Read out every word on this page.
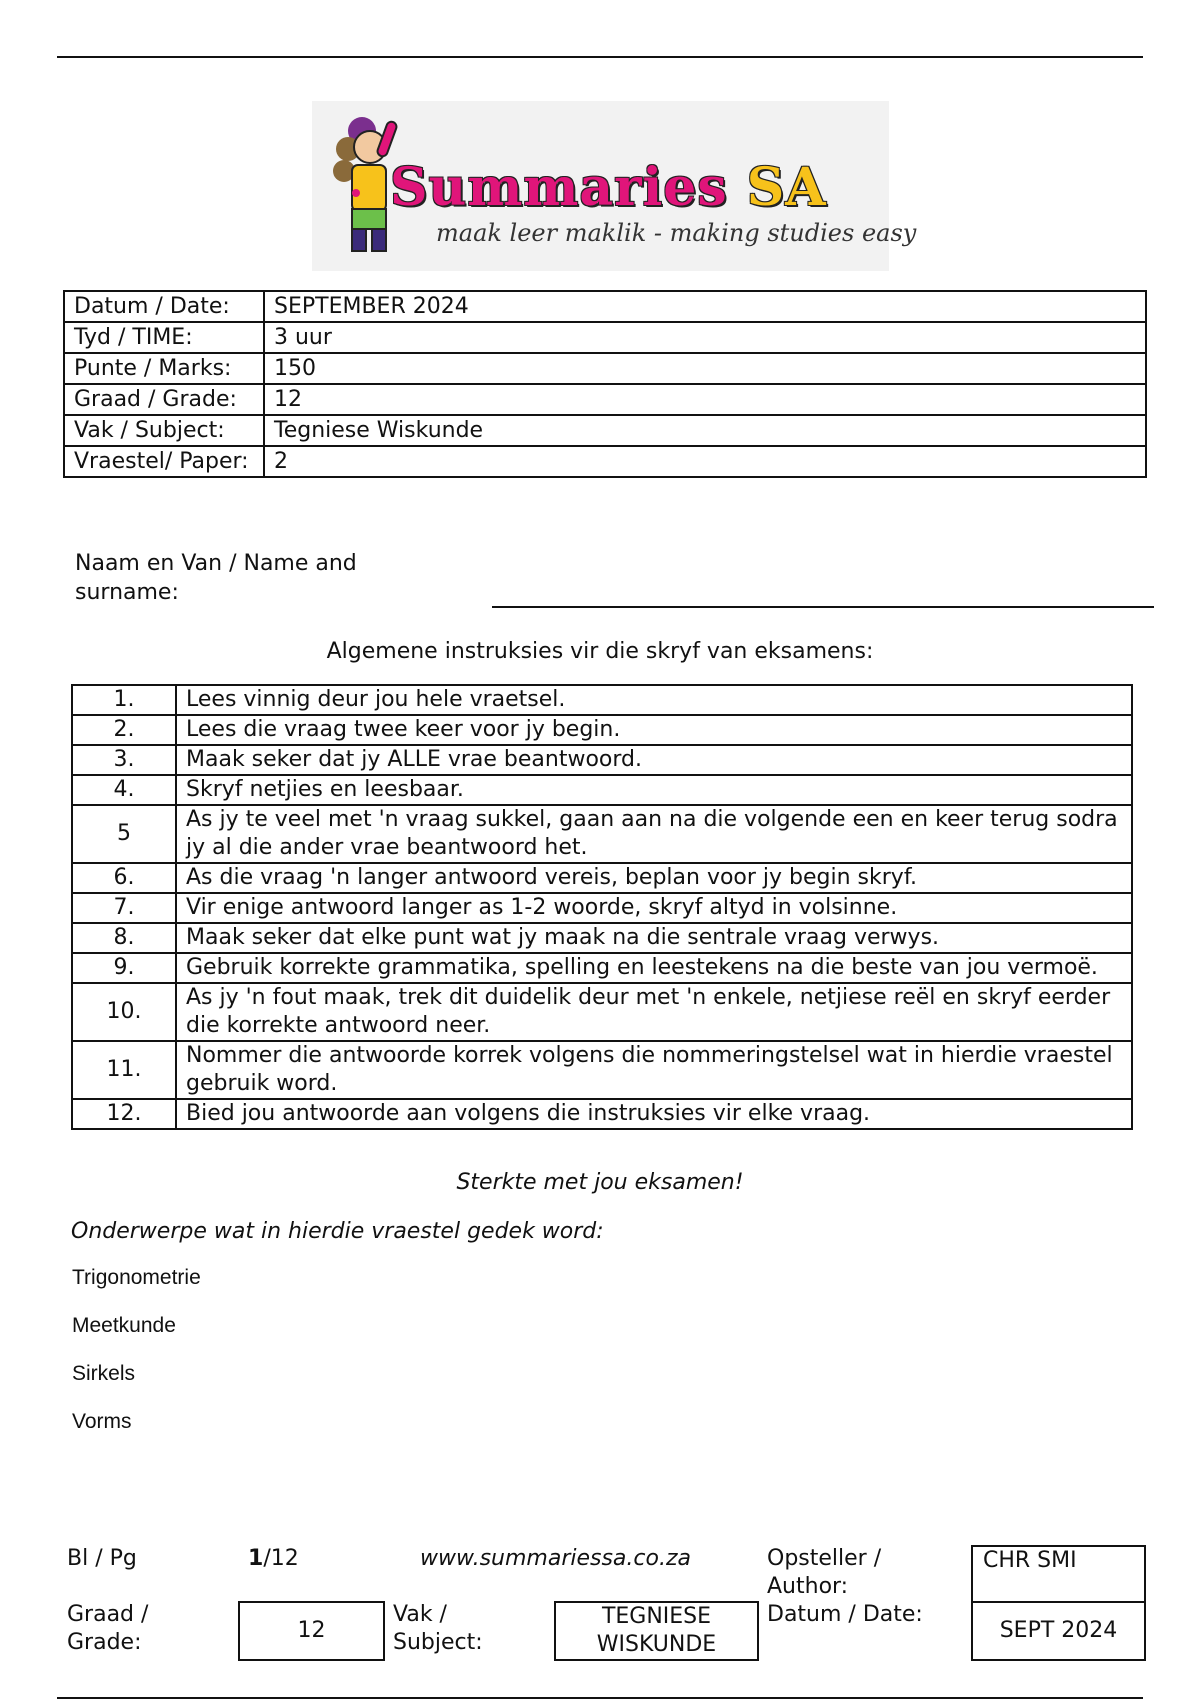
Summaries SA
maak leer maklik - making studies easy
Datum / Date:	SEPTEMBER 2024
Tyd / TIME:	3 uur
Punte / Marks:	150
Graad / Grade:	12
Vak / Subject:	Tegniese Wiskunde
Vraestel/ Paper:	2
Naam en Van / Name and surname:
Algemene instruksies vir die skryf van eksamens:
1.	Lees vinnig deur jou hele vraetsel.
2.	Lees die vraag twee keer voor jy begin.
3.	Maak seker dat jy ALLE vrae beantwoord.
4.	Skryf netjies en leesbaar.
5	As jy te veel met 'n vraag sukkel, gaan aan na die volgende een en keer terug sodra jy al die ander vrae beantwoord het.
6.	As die vraag 'n langer antwoord vereis, beplan voor jy begin skryf.
7.	Vir enige antwoord langer as 1-2 woorde, skryf altyd in volsinne.
8.	Maak seker dat elke punt wat jy maak na die sentrale vraag verwys.
9.	Gebruik korrekte grammatika, spelling en leestekens na die beste van jou vermoë.
10.	As jy 'n fout maak, trek dit duidelik deur met 'n enkele, netjiese reël en skryf eerder die korrekte antwoord neer.
11.	Nommer die antwoorde korrek volgens die nommeringstelsel wat in hierdie vraestel gebruik word.
12.	Bied jou antwoorde aan volgens die instruksies vir elke vraag.
Sterkte met jou eksamen!
Onderwerpe wat in hierdie vraestel gedek word:
Trigonometrie
Meetkunde
Sirkels
Vorms
Bl / Pg	1/12	www.summariessa.co.za	Opsteller / Author:
CHR SMI
Graad / Grade:	12
Vak / Subject:
TEGNIESE WISKUNDE
Datum / Date:
SEPT 2024
